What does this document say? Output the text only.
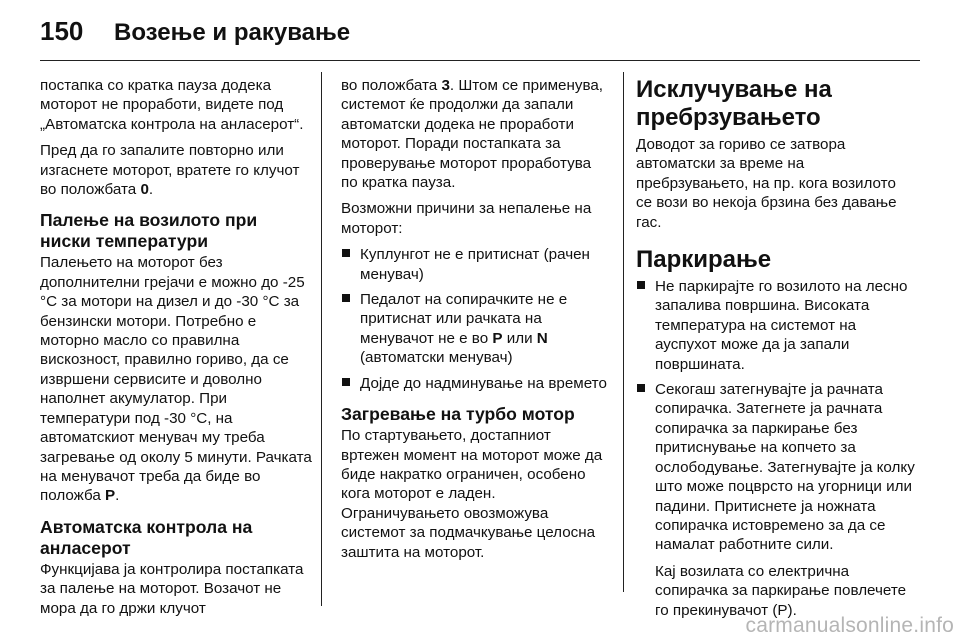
150	Возење и ракување

постапка со кратка пауза додека моторот не проработи, видете под „Автоматска контрола на анласерот“.

Пред да го запалите повторно или изгаснете моторот, вратете го клучот во положбата 0.

Палење на возилото при ниски температури

Палењето на моторот без дополнителни грејачи е можно до -25 °C за мотори на дизел и до -30 °C за бензински мотори. Потребно е моторно масло со правилна вискозност, правилно гориво, да се извршени сервисите и доволно наполнет акумулатор. При температури под -30 °C, на автоматскиот менувач му треба загревање од околу 5 минути. Рачката на менувачот треба да биде во положба P.

Автоматска контрола на анласерот

Функцијава ја контролира постапката за палење на моторот. Возачот не мора да го држи клучот

во положбата 3. Штом се применува, системот ќе продолжи да запали автоматски додека не проработи моторот. Поради постапката за проверување моторот проработува по кратка пауза.

Возможни причини за непалење на моторот:

Куплунгот не е притиснат (рачен менувач)
Педалот на сопирачките не е притиснат или рачката на менувачот не е во P или N (автоматски менувач)
Дојде до надминување на времето
Загревање на турбо мотор

По стартувањето, достапниот вртежен момент на моторот може да биде накратко ограничен, особено кога моторот е ладен. Ограничувањето овозможува системот за подмачкување целосна заштита на моторот.

Исклучување на пребрзувањето

Доводот за гориво се затвора автоматски за време на пребрзувањето, на пр. кога возилото се вози во некоја брзина без давање гас.

Паркирање
Не паркирајте го возилото на лесно запалива површина. Високата температура на системот на ауспухот може да ја запали површината.
Секогаш затегнувајте ја рачната сопирачка. Затегнете ја рачната сопирачка за паркирање без притиснување на копчето за ослободување. Затегнувајте ја колку што може поцврсто на угорници или падини. Притиснете ја ножната сопирачка истовремено за да се намалат работните сили.

Кај возилата со електрична сопирачка за паркирање повлечете го прекинувачот (P).

carmanualsonline.info
